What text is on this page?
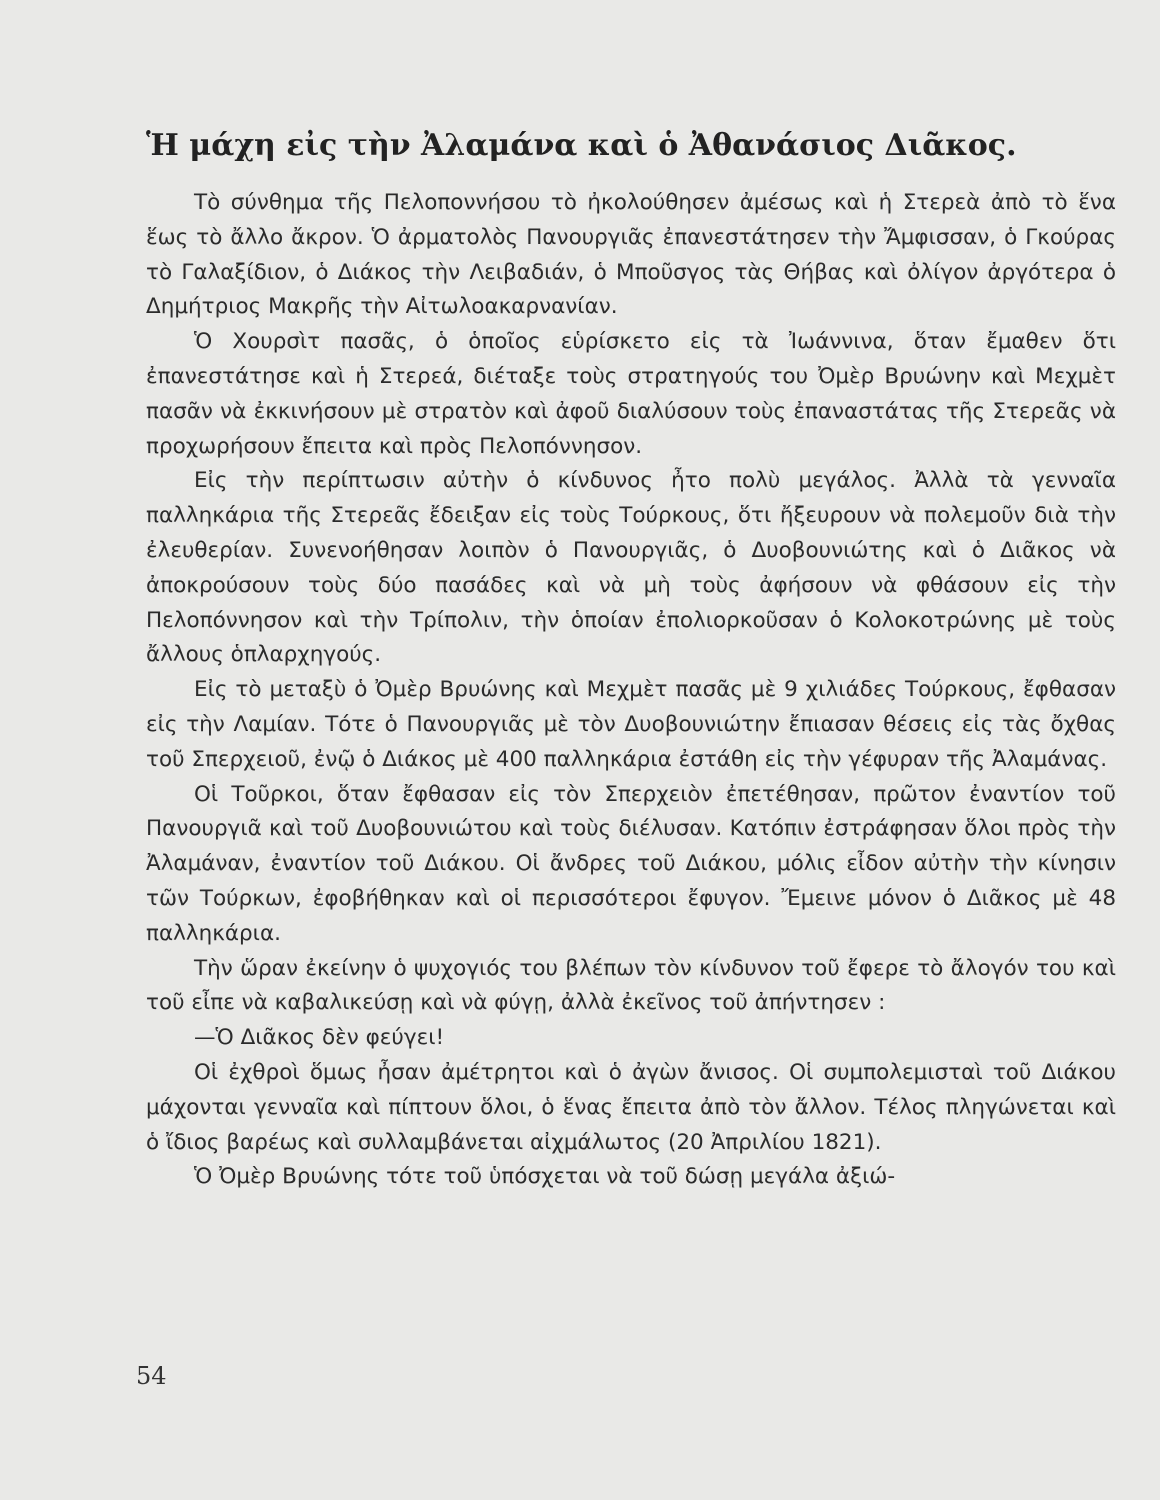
Ἡ μάχη εἰς τὴν Ἀλαμάνα καὶ ὁ Ἀθανάσιος Διᾶκος.

Τὸ σύνθημα τῆς Πελοποννήσου τὸ ἠκολούθησεν ἀμέσως καὶ ἡ Στερεὰ ἀπὸ τὸ ἕνα ἕως τὸ ἄλλο ἄκρον. Ὁ ἀρματολὸς Πανουργιᾶς ἐπανεστάτησεν τὴν Ἄμφισσαν, ὁ Γκούρας τὸ Γαλαξίδιον, ὁ Διάκος τὴν Λειβαδιάν, ὁ Μποῦσγος τὰς Θήβας καὶ ὀλίγον ἀργότερα ὁ Δημήτριος Μακρῆς τὴν Αἰτωλοακαρνανίαν.

Ὁ Χουρσὶτ πασᾶς, ὁ ὁποῖος εὑρίσκετο εἰς τὰ Ἰωάννινα, ὅταν ἔμαθεν ὅτι ἐπανεστάτησε καὶ ἡ Στερεά, διέταξε τοὺς στρατηγούς του Ὀμὲρ Βρυώνην καὶ Μεχμὲτ πασᾶν νὰ ἐκκινήσουν μὲ στρατὸν καὶ ἀφοῦ διαλύσουν τοὺς ἐπαναστάτας τῆς Στερεᾶς νὰ προχωρήσουν ἔπειτα καὶ πρὸς Πελοπόννησον.

Εἰς τὴν περίπτωσιν αὐτὴν ὁ κίνδυνος ἦτο πολὺ μεγάλος. Ἀλλὰ τὰ γενναῖα παλληκάρια τῆς Στερεᾶς ἔδειξαν εἰς τοὺς Τούρκους, ὅτι ἤξευρουν νὰ πολεμοῦν διὰ τὴν ἐλευθερίαν. Συνενοήθησαν λοιπὸν ὁ Πανουργιᾶς, ὁ Δυοβουνιώτης καὶ ὁ Διᾶκος νὰ ἀποκρούσουν τοὺς δύο πασάδες καὶ νὰ μὴ τοὺς ἀφήσουν νὰ φθάσουν εἰς τὴν Πελοπόννησον καὶ τὴν Τρίπολιν, τὴν ὁποίαν ἐπολιορκοῦσαν ὁ Κολοκοτρώνης μὲ τοὺς ἄλλους ὁπλαρχηγούς.

Εἰς τὸ μεταξὺ ὁ Ὀμὲρ Βρυώνης καὶ Μεχμὲτ πασᾶς μὲ 9 χιλιάδες Τούρκους, ἔφθασαν εἰς τὴν Λαμίαν. Τότε ὁ Πανουργιᾶς μὲ τὸν Δυοβουνιώτην ἔπιασαν θέσεις εἰς τὰς ὄχθας τοῦ Σπερχειοῦ, ἐνῷ ὁ Διάκος μὲ 400 παλληκάρια ἐστάθη εἰς τὴν γέφυραν τῆς Ἀλαμάνας.

Οἱ Τοῦρκοι, ὅταν ἔφθασαν εἰς τὸν Σπερχειὸν ἐπετέθησαν, πρῶτον ἐναντίον τοῦ Πανουργιᾶ καὶ τοῦ Δυοβουνιώτου καὶ τοὺς διέλυσαν. Κατόπιν ἐστράφησαν ὅλοι πρὸς τὴν Ἀλαμάναν, ἐναντίον τοῦ Διάκου. Οἱ ἄνδρες τοῦ Διάκου, μόλις εἶδον αὐτὴν τὴν κίνησιν τῶν Τούρκων, ἐφοβήθηκαν καὶ οἱ περισσότεροι ἔφυγον. Ἔμεινε μόνον ὁ Διᾶκος μὲ 48 παλληκάρια.

Τὴν ὥραν ἐκείνην ὁ ψυχογιός του βλέπων τὸν κίνδυνον τοῦ ἔφερε τὸ ἄλογόν του καὶ τοῦ εἶπε νὰ καβαλικεύσῃ καὶ νὰ φύγῃ, ἀλλὰ ἐκεῖνος τοῦ ἀπήντησεν :

—Ὁ Διᾶκος δὲν φεύγει!

Οἱ ἐχθροὶ ὅμως ἦσαν ἀμέτρητοι καὶ ὁ ἀγὼν ἄνισος. Οἱ συμπολεμισταὶ τοῦ Διάκου μάχονται γενναῖα καὶ πίπτουν ὅλοι, ὁ ἕνας ἔπειτα ἀπὸ τὸν ἄλλον. Τέλος πληγώνεται καὶ ὁ ἴδιος βαρέως καὶ συλλαμβάνεται αἰχμάλωτος (20 Ἀπριλίου 1821).

Ὁ Ὀμὲρ Βρυώνης τότε τοῦ ὑπόσχεται νὰ τοῦ δώσῃ μεγάλα ἀξιώ-

54
